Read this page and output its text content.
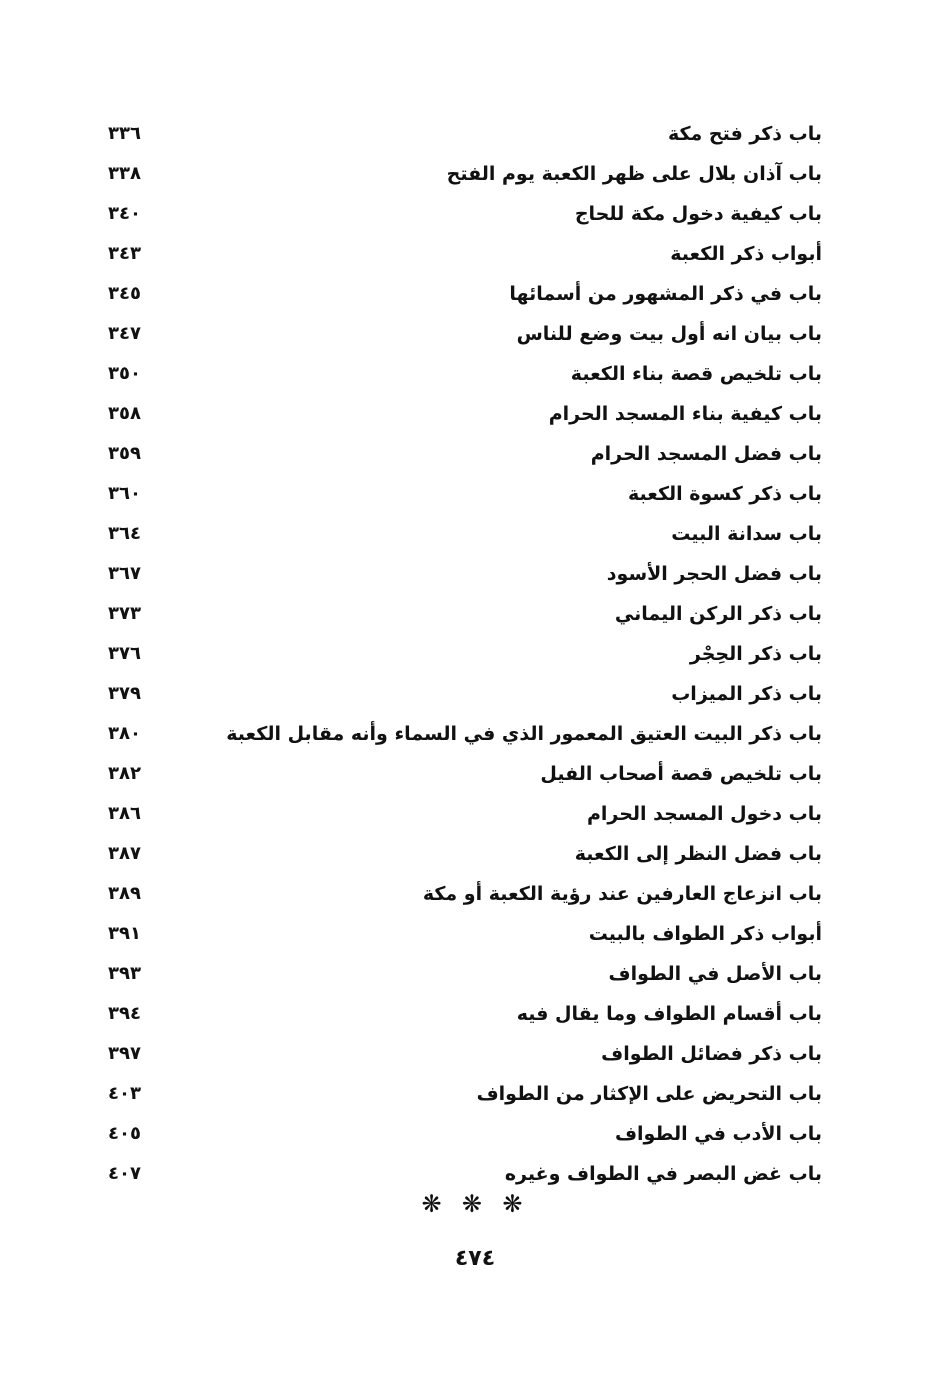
باب ذكر فتح مكة
٣٣٦
باب آذان بلال على ظهر الكعبة يوم الفتح
٣٣٨
باب كيفية دخول مكة للحاج
٣٤٠
أبواب ذكر الكعبة
٣٤٣
باب في ذكر المشهور من أسمائها
٣٤٥
باب بيان انه أول بيت وضع للناس
٣٤٧
باب تلخيص قصة بناء الكعبة
٣٥٠
باب كيفية بناء المسجد الحرام
٣٥٨
باب فضل المسجد الحرام
٣٥٩
باب ذكر كسوة الكعبة
٣٦٠
باب سدانة البيت
٣٦٤
باب فضل الحجر الأسود
٣٦٧
باب ذكر الركن اليماني
٣٧٣
باب ذكر الحِجْر
٣٧٦
باب ذكر الميزاب
٣٧٩
باب ذكر البيت العتيق المعمور الذي في السماء وأنه مقابل الكعبة
٣٨٠
باب تلخيص قصة أصحاب الفيل
٣٨٢
باب دخول المسجد الحرام
٣٨٦
باب فضل النظر إلى الكعبة
٣٨٧
باب انزعاج العارفين عند رؤية الكعبة أو مكة
٣٨٩
أبواب ذكر الطواف بالبيت
٣٩١
باب الأصل في الطواف
٣٩٣
باب أقسام الطواف وما يقال فيه
٣٩٤
باب ذكر فضائل الطواف
٣٩٧
باب التحريض على الإكثار من الطواف
٤٠٣
باب الأدب في الطواف
٤٠٥
باب غض البصر في الطواف وغيره
٤٠٧
❋ ❋ ❋
٤٧٤
